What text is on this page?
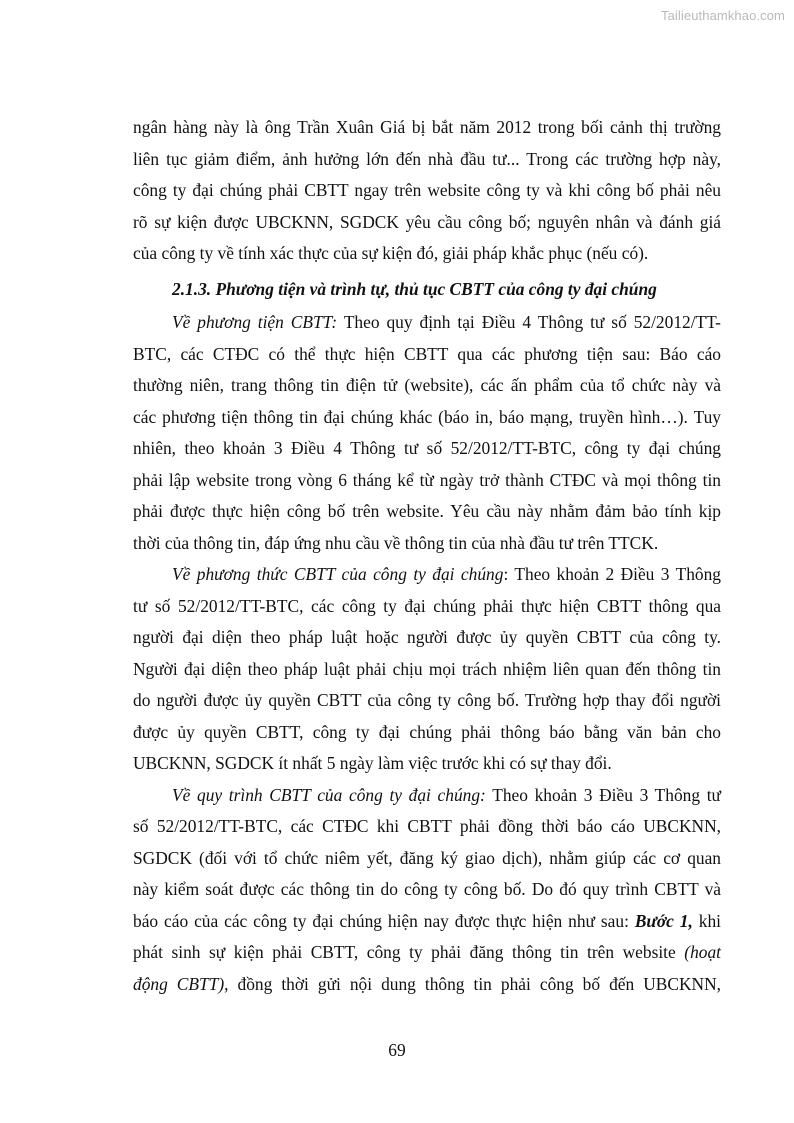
Tailieuthamkhao.com
ngân hàng này là ông Trần Xuân Giá bị bắt năm 2012 trong bối cảnh thị trường
liên tục giảm điểm, ảnh hưởng lớn đến nhà đầu tư... Trong các trường hợp này,
công ty đại chúng phải CBTT ngay trên website công ty và khi công bố phải nêu
rõ sự kiện được UBCKNN, SGDCK yêu cầu công bố; nguyên nhân và đánh giá
của công ty về tính xác thực của sự kiện đó, giải pháp khắc phục (nếu có).
2.1.3. Phương tiện và trình tự, thủ tục CBTT của công ty đại chúng
Về phương tiện CBTT: Theo quy định tại Điều 4 Thông tư số 52/2012/TT-
BTC, các CTĐC có thể thực hiện CBTT qua các phương tiện sau: Báo cáo
thường niên, trang thông tin điện tử (website), các ấn phẩm của tổ chức này và
các phương tiện thông tin đại chúng khác (báo in, báo mạng, truyền hình…). Tuy
nhiên, theo khoản 3 Điều 4 Thông tư số 52/2012/TT-BTC, công ty đại chúng
phải lập website trong vòng 6 tháng kể từ ngày trở thành CTĐC và mọi thông tin
phải được thực hiện công bố trên website. Yêu cầu này nhằm đảm bảo tính kịp
thời của thông tin, đáp ứng nhu cầu về thông tin của nhà đầu tư trên TTCK.
Về phương thức CBTT của công ty đại chúng: Theo khoản 2 Điều 3 Thông
tư số 52/2012/TT-BTC, các công ty đại chúng phải thực hiện CBTT thông qua
người đại diện theo pháp luật hoặc người được ủy quyền CBTT của công ty.
Người đại diện theo pháp luật phải chịu mọi trách nhiệm liên quan đến thông tin
do người được ủy quyền CBTT của công ty công bố. Trường hợp thay đổi người
được ủy quyền CBTT, công ty đại chúng phải thông báo bằng văn bản cho
UBCKNN, SGDCK ít nhất 5 ngày làm việc trước khi có sự thay đổi.
Về quy trình CBTT của công ty đại chúng: Theo khoản 3 Điều 3 Thông tư
số 52/2012/TT-BTC, các CTĐC khi CBTT phải đồng thời báo cáo UBCKNN,
SGDCK (đối với tổ chức niêm yết, đăng ký giao dịch), nhằm giúp các cơ quan
này kiểm soát được các thông tin do công ty công bố. Do đó quy trình CBTT và
báo cáo của các công ty đại chúng hiện nay được thực hiện như sau: Bước 1, khi
phát sinh sự kiện phải CBTT, công ty phải đăng thông tin trên website (hoạt
động CBTT), đồng thời gửi nội dung thông tin phải công bố đến UBCKNN,
69
